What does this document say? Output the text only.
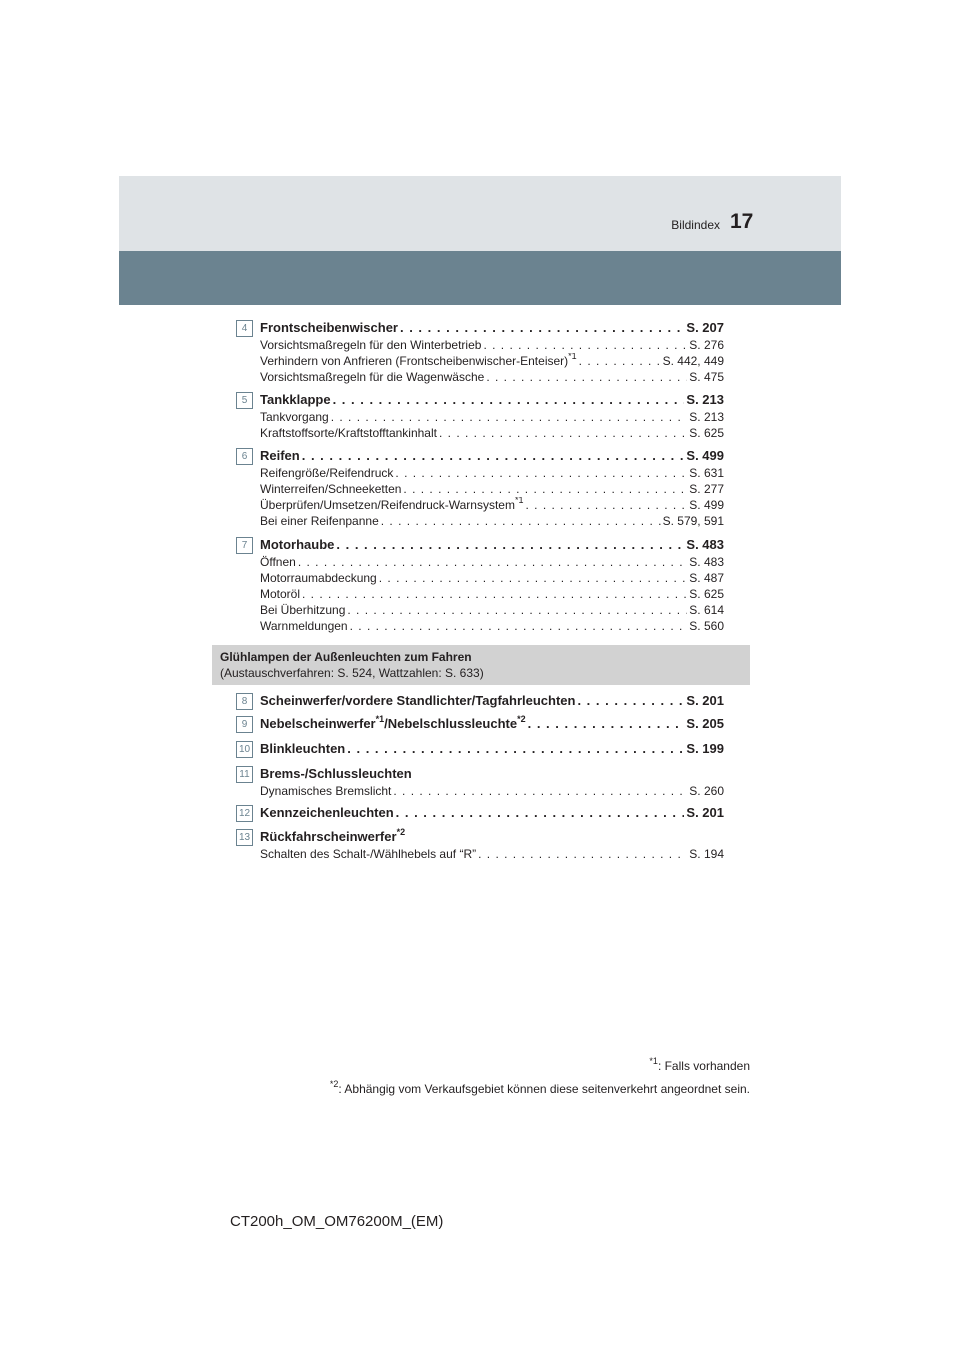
Bildindex 17
4 Frontscheibenwischer . . .	S. 207
Vorsichtsmaßregeln für den Winterbetrieb . . .	S. 276
Verhindern von Anfrieren (Frontscheibenwischer-Enteiser)$^{*1}$ . . .	S. 442, 449
Vorsichtsmaßregeln für die Wagenwäsche . . .	S. 475
5 Tankklappe . . .	S. 213
Tankvorgang . . .	S. 213
Kraftstoffsorte/Kraftstofftankinhalt . . .	S. 625
6 Reifen . . .	S. 499
Reifengröße/Reifendruck . . .	S. 631
Winterreifen/Schneeketten . . .	S. 277
Überprüfen/Umsetzen/Reifendruck-Warnsystem$^{*1}$ . . .	S. 499
Bei einer Reifenpanne . . .	S. 579, 591
7 Motorhaube . . .	S. 483
Öffnen . . .	S. 483
Motorraumabdeckung . . .	S. 487
Motoröl . . .	S. 625
Bei Überhitzung . . .	S. 614
Warnmeldungen . . .	S. 560
Glühlampen der Außenleuchten zum Fahren
(Austauschverfahren: S. 524, Wattzahlen: S. 633)
8 Scheinwerfer/vordere Standlichter/Tagfahrleuchten . . .	S. 201
9 Nebelscheinwerfer$^{*1}$/Nebelschlussleuchte$^{*2}$ . . .	S. 205
10 Blinkleuchten . . .	S. 199
11 Brems-/Schlussleuchten
Dynamisches Bremslicht . . .	S. 260
12 Kennzeichenleuchten . . .	S. 201
13 Rückfahrscheinwerfer$^{*2}$
Schalten des Schalt-/Wählhebels auf “R” . . .	S. 194
$^{*1}$: Falls vorhanden
$^{*2}$: Abhängig vom Verkaufsgebiet können diese seitenverkehrt angeordnet sein.
CT200h_OM_OM76200M_(EM)
